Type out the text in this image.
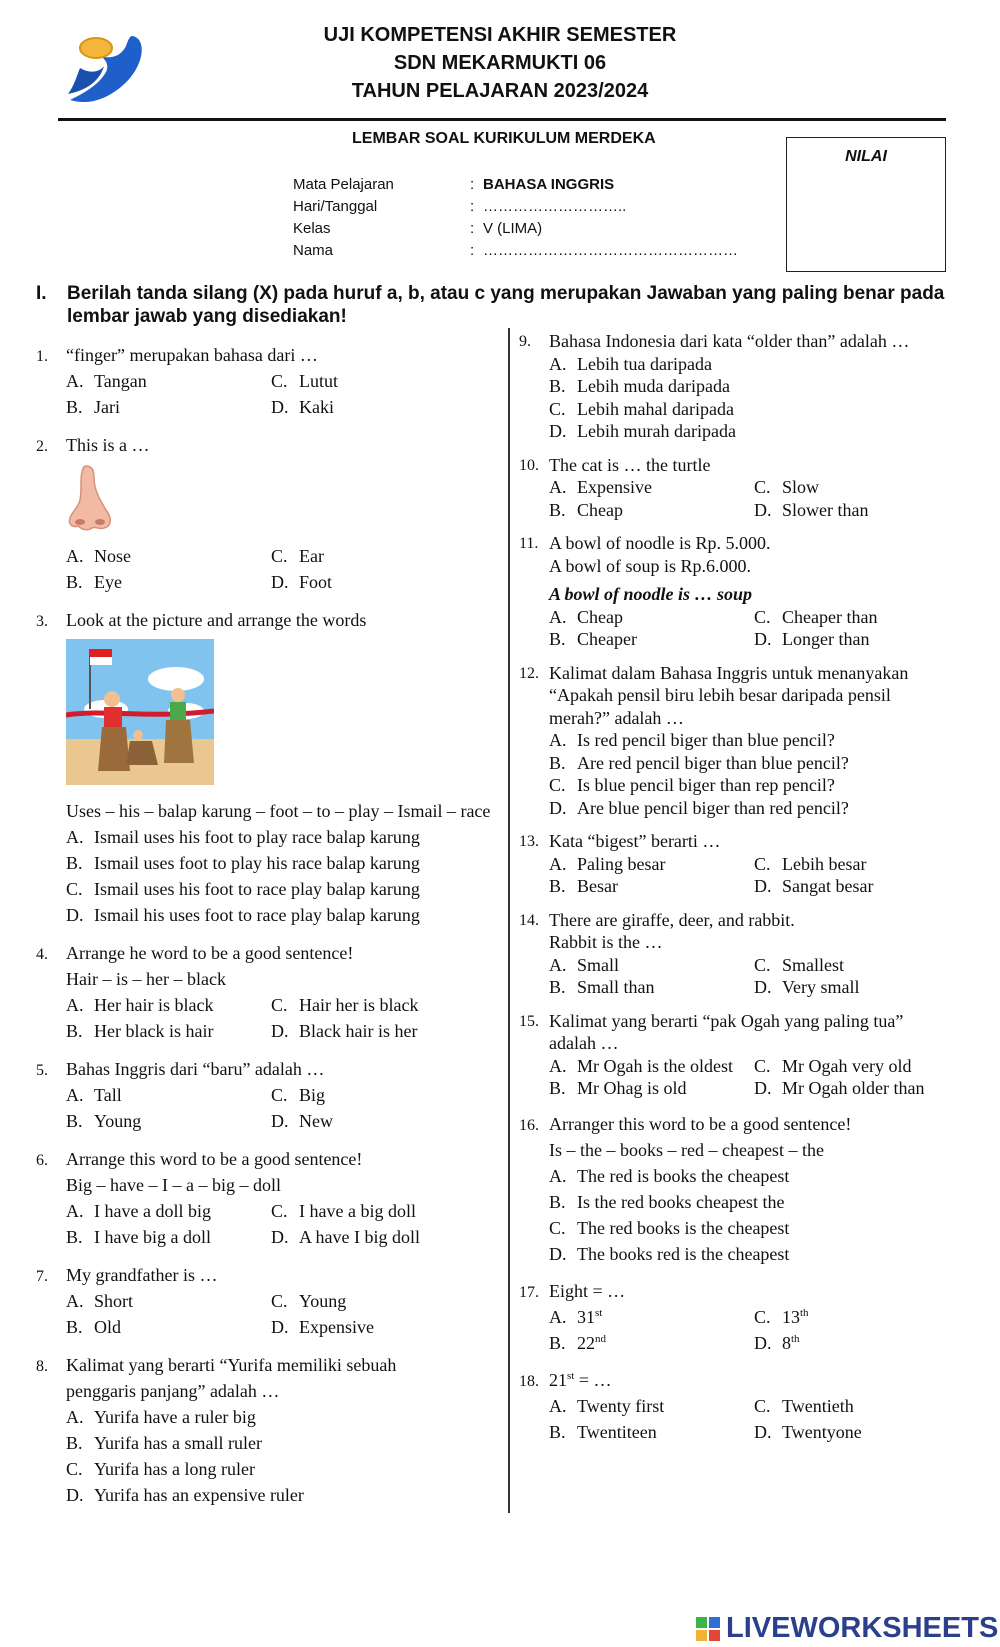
UJI KOMPETENSI AKHIR SEMESTER
SDN MEKARMUKTI 06
TAHUN PELAJARAN 2023/2024
LEMBAR SOAL KURIKULUM MERDEKA
Mata Pelajaran	: BAHASA INGGRIS
Hari/Tanggal	: ………………………..
Kelas	: V (LIMA)
Nama	: ……………………………………………
NILAI
I. Berilah tanda silang (X) pada huruf a, b, atau c yang merupakan Jawaban yang paling benar pada lembar jawab yang disediakan!
1. “finger” merupakan bahasa dari …
A. Tangan	C. Lutut
B. Jari	D. Kaki
2. This is a …
A. Nose	C. Ear
B. Eye	D. Foot
3. Look at the picture and arrange the words
Uses – his – balap karung – foot – to – play – Ismail – race
A. Ismail uses his foot to play race balap karung
B. Ismail uses foot to play his race balap karung
C. Ismail uses his foot to race play balap karung
D. Ismail his uses foot to race play balap karung
4. Arrange he word to be a good sentence!
Hair – is – her – black
A. Her hair is black	C. Hair her is black
B. Her black is hair	D. Black hair is her
5. Bahas Inggris dari “baru” adalah …
A. Tall	C. Big
B. Young	D. New
6. Arrange this word to be a good sentence!
Big – have – I – a – big – doll
A. I have a doll big	C. I have a big doll
B. I have big a doll	D. A have I big doll
7. My grandfather is …
A. Short	C. Young
B. Old	D. Expensive
8. Kalimat yang berarti “Yurifa memiliki sebuah penggaris panjang” adalah …
A. Yurifa have a ruler big
B. Yurifa has a small ruler
C. Yurifa has a long ruler
D. Yurifa has an expensive ruler
9. Bahasa Indonesia dari kata “older than” adalah …
A. Lebih tua daripada
B. Lebih muda daripada
C. Lebih mahal daripada
D. Lebih murah daripada
10. The cat is … the turtle
A. Expensive	C. Slow
B. Cheap	D. Slower than
11. A bowl of noodle is Rp. 5.000.
A bowl of soup is Rp.6.000.
A bowl of noodle is … soup
A. Cheap	C. Cheaper than
B. Cheaper	D. Longer than
12. Kalimat dalam Bahasa Inggris untuk menanyakan “Apakah pensil biru lebih besar daripada pensil merah?” adalah …
A. Is red pencil biger than blue pencil?
B. Are red pencil biger than blue pencil?
C. Is blue pencil biger than rep pencil?
D. Are blue pencil biger than red pencil?
13. Kata “bigest” berarti …
A. Paling besar	C. Lebih besar
B. Besar	D. Sangat besar
14. There are giraffe, deer, and rabbit.
Rabbit is the …
A. Small	C. Smallest
B. Small than	D. Very small
15. Kalimat yang berarti “pak Ogah yang paling tua” adalah …
A. Mr Ogah is the oldest	C. Mr Ogah very old
B. Mr Ohag is old	D. Mr Ogah older than
16. Arranger this word to be a good sentence!
Is – the – books – red – cheapest – the
A. The red is books the cheapest
B. Is the red books cheapest the
C. The red books is the cheapest
D. The books red is the cheapest
17. Eight = …
A. 31st	C. 13th
B. 22nd	D. 8th
18. 21st = …
A. Twenty first	C. Twentieth
B. Twentiteen	D. Twentyone
LIVEWORKSHEETS
